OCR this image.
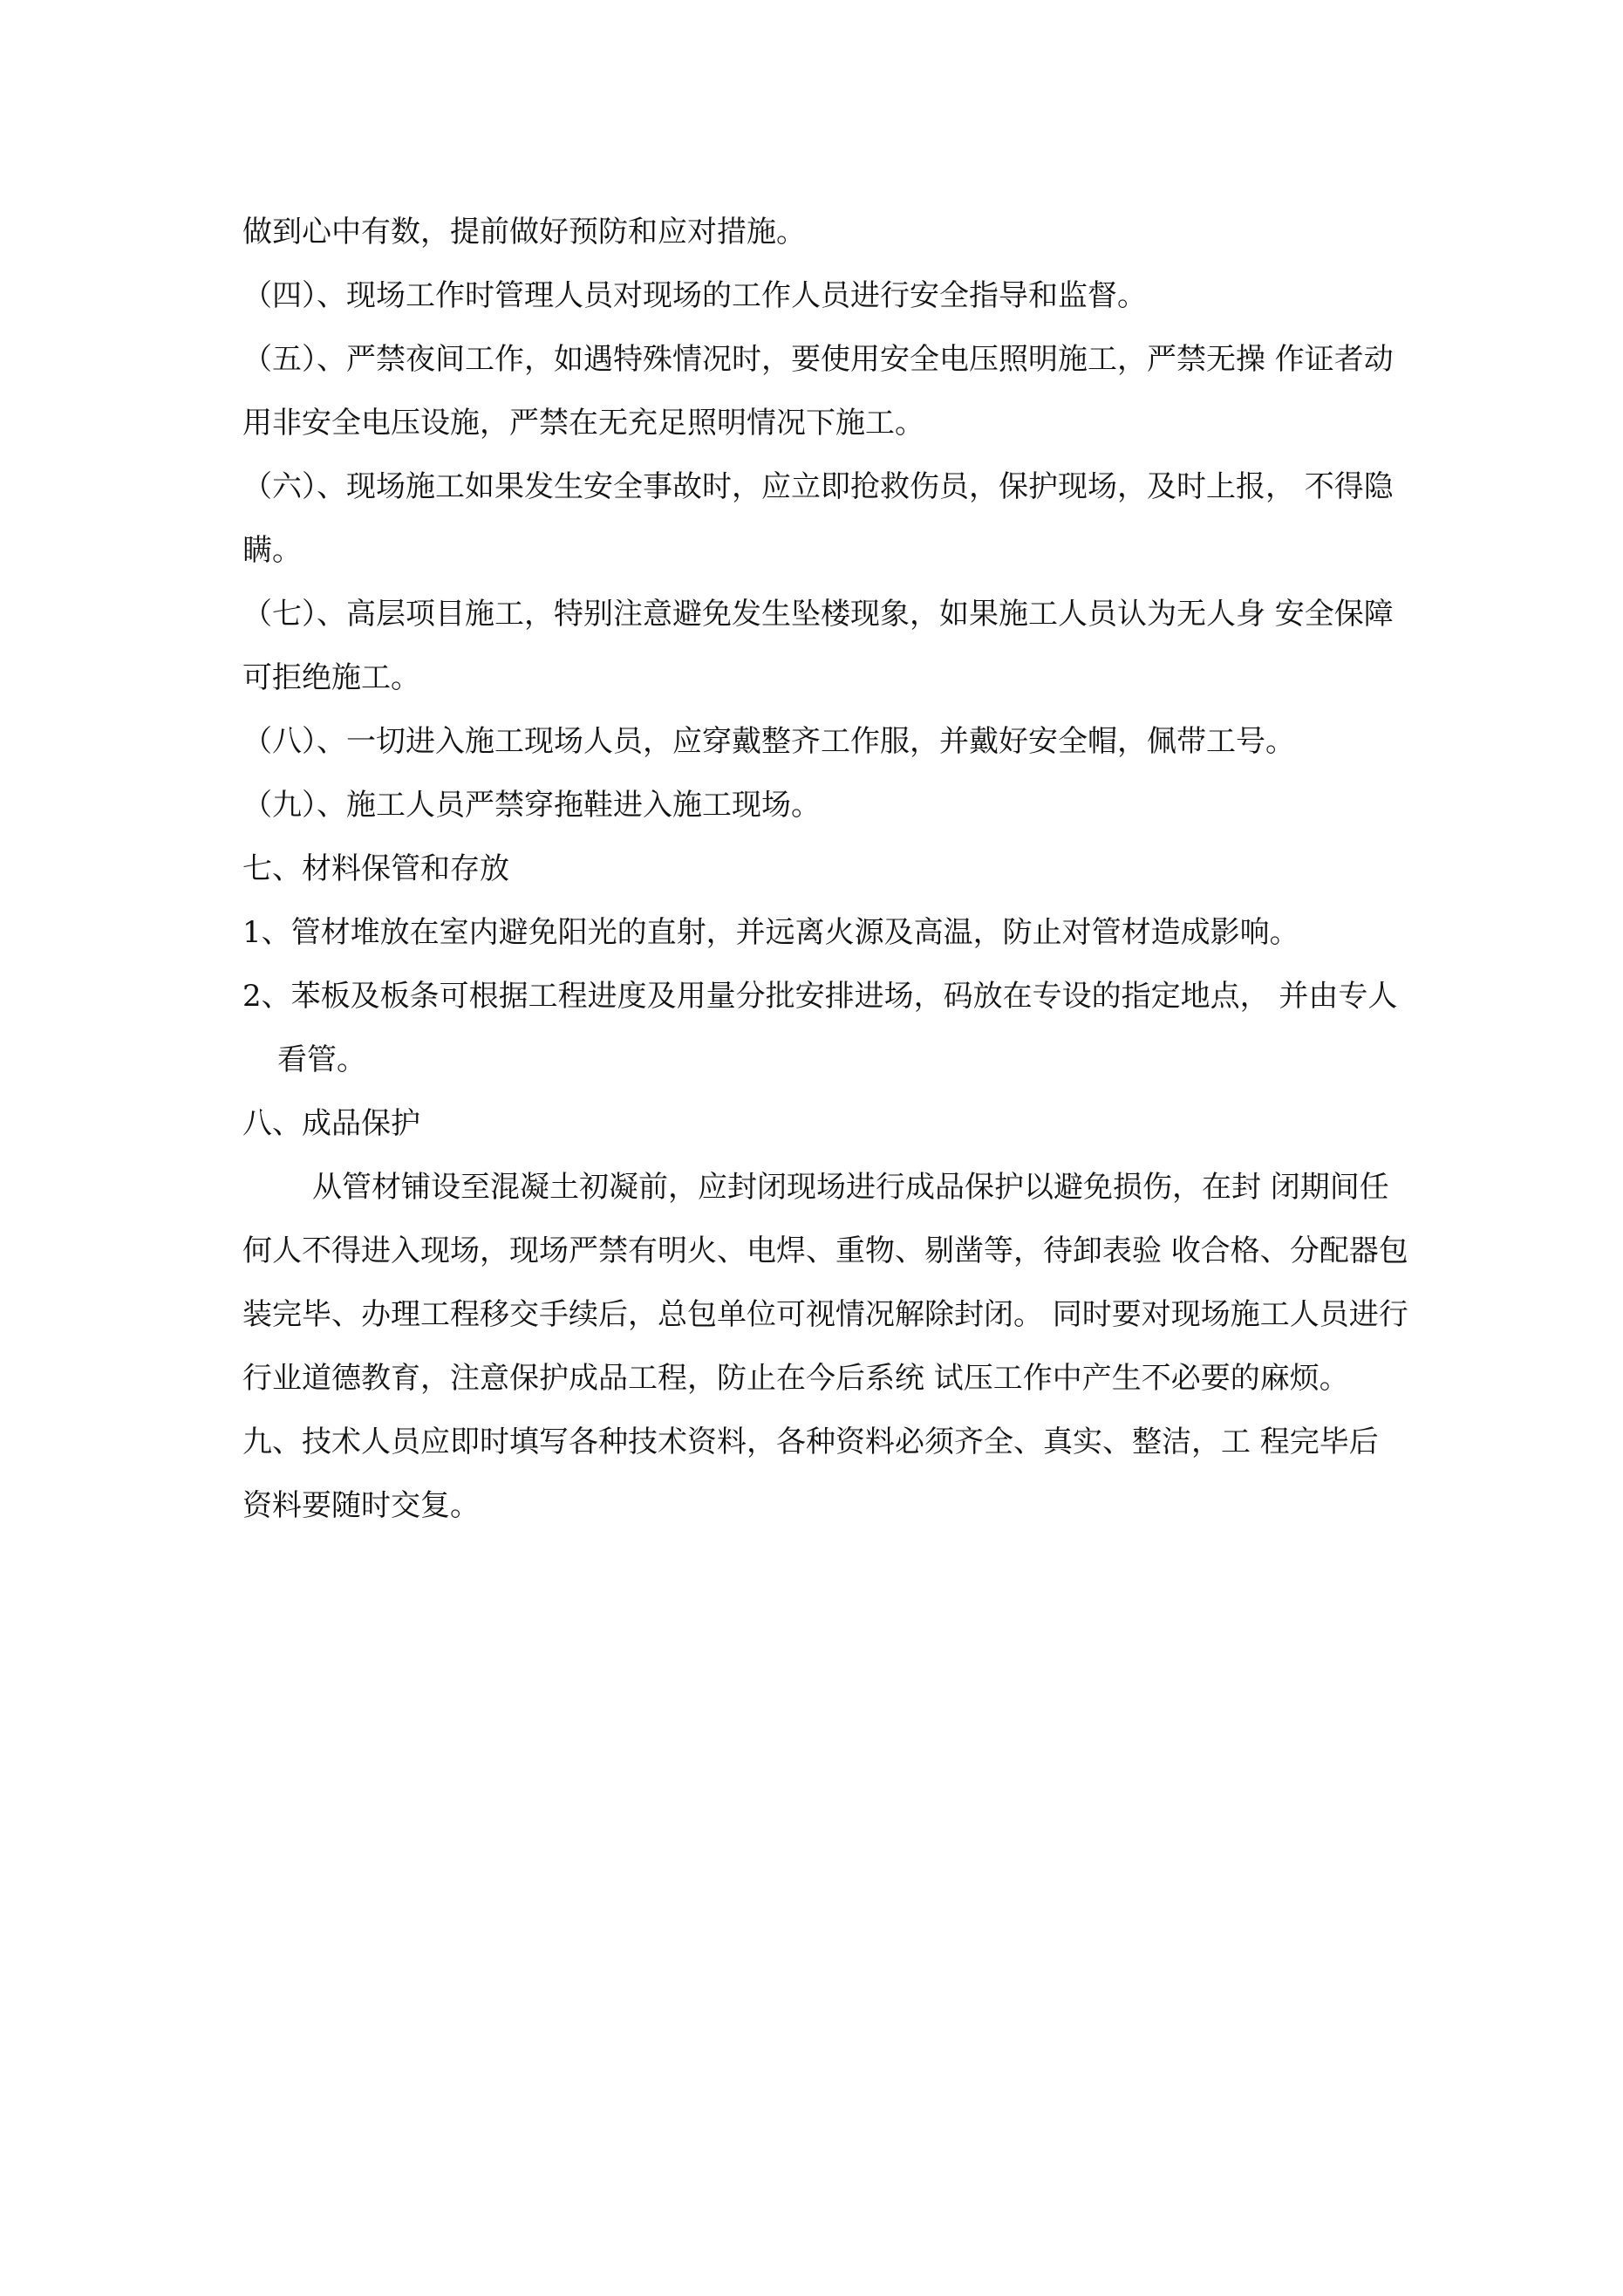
做到心中有数，提前做好预防和应对措施。
（四）、现场工作时管理人员对现场的工作人员进行安全指导和监督。
（五）、严禁夜间工作，如遇特殊情况时，要使用安全电压照明施工，严禁无操 作证者动
用非安全电压设施，严禁在无充足照明情况下施工。
（六）、现场施工如果发生安全事故时，应立即抢救伤员，保护现场，及时上报， 不得隐
瞒。
（七）、高层项目施工，特别注意避免发生坠楼现象，如果施工人员认为无人身 安全保障
可拒绝施工。
（八）、一切进入施工现场人员，应穿戴整齐工作服，并戴好安全帽，佩带工号。
（九）、施工人员严禁穿拖鞋进入施工现场。
七、材料保管和存放
1、管材堆放在室内避免阳光的直射，并远离火源及高温，防止对管材造成影响。
2、苯板及板条可根据工程进度及用量分批安排进场，码放在专设的指定地点， 并由专人
看管。
八、成品保护
从管材铺设至混凝土初凝前，应封闭现场进行成品保护以避免损伤，在封 闭期间任
何人不得进入现场，现场严禁有明火、电焊、重物、剔凿等，待卸表验 收合格、分配器包
装完毕、办理工程移交手续后，总包单位可视情况解除封闭。 同时要对现场施工人员进行
行业道德教育，注意保护成品工程，防止在今后系统 试压工作中产生不必要的麻烦。
九、技术人员应即时填写各种技术资料，各种资料必须齐全、真实、整洁，工 程完毕后
资料要随时交复。
